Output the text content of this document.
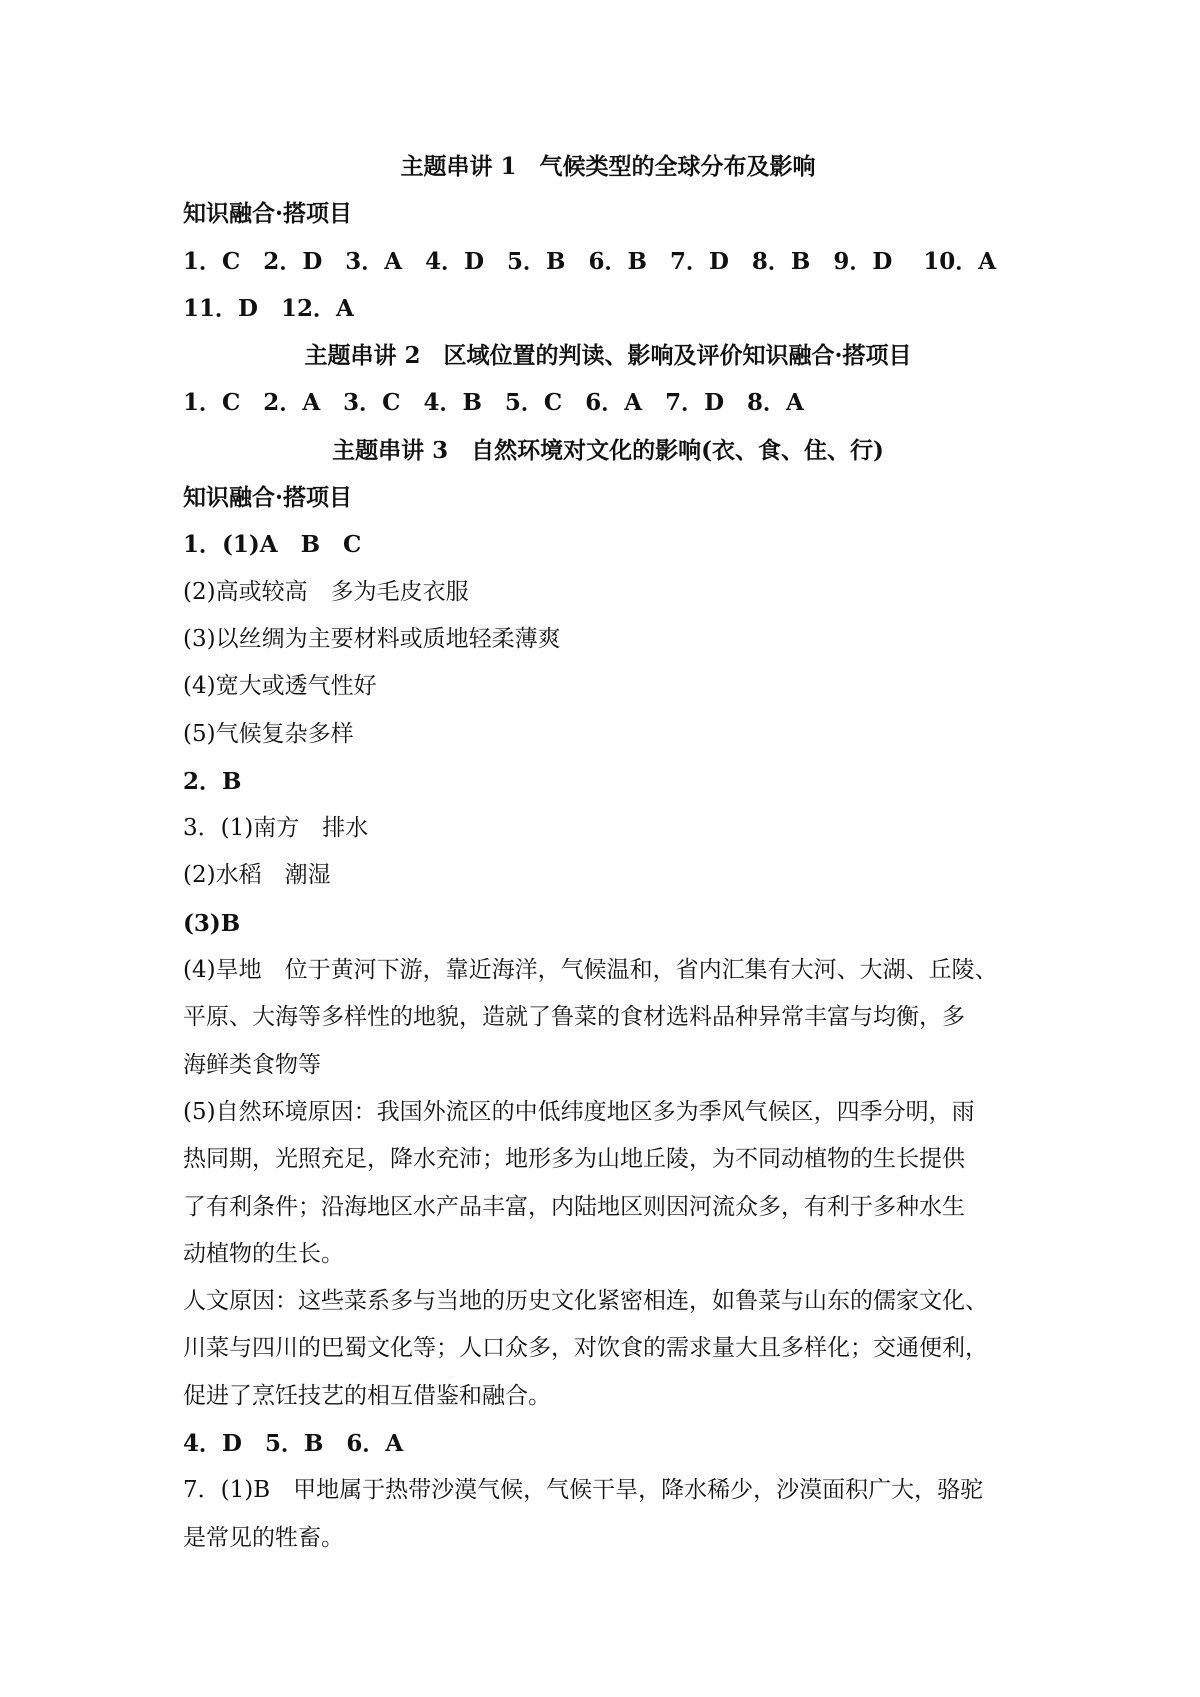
主题串讲 1　气候类型的全球分布及影响
知识融合·搭项目
1．C　2．D　3．A　4．D　5．B　6．B　7．D　8．B　9．D　 10．A
11．D　12．A
主题串讲 2　区域位置的判读、影响及评价知识融合·搭项目
1．C　2．A　3．C　4．B　5．C　6．A　7．D　8．A
主题串讲 3　自然环境对文化的影响(衣、食、住、行)
知识融合·搭项目
1．(1)A　B　C
(2)高或较高　多为毛皮衣服
(3)以丝绸为主要材料或质地轻柔薄爽
(4)宽大或透气性好
(5)气候复杂多样
2．B
3．(1)南方　排水
(2)水稻　潮湿
(3)B
(4)旱地　位于黄河下游，靠近海洋，气候温和，省内汇集有大河、大湖、丘陵、
平原、大海等多样性的地貌，造就了鲁菜的食材选料品种异常丰富与均衡，多
海鲜类食物等
(5)自然环境原因：我国外流区的中低纬度地区多为季风气候区，四季分明，雨
热同期，光照充足，降水充沛；地形多为山地丘陵，为不同动植物的生长提供
了有利条件；沿海地区水产品丰富，内陆地区则因河流众多，有利于多种水生
动植物的生长。
人文原因：这些菜系多与当地的历史文化紧密相连，如鲁菜与山东的儒家文化、
川菜与四川的巴蜀文化等；人口众多，对饮食的需求量大且多样化；交通便利，
促进了烹饪技艺的相互借鉴和融合。
4．D　5．B　6．A
7．(1)B　甲地属于热带沙漠气候，气候干旱，降水稀少，沙漠面积广大，骆驼
是常见的牲畜。
